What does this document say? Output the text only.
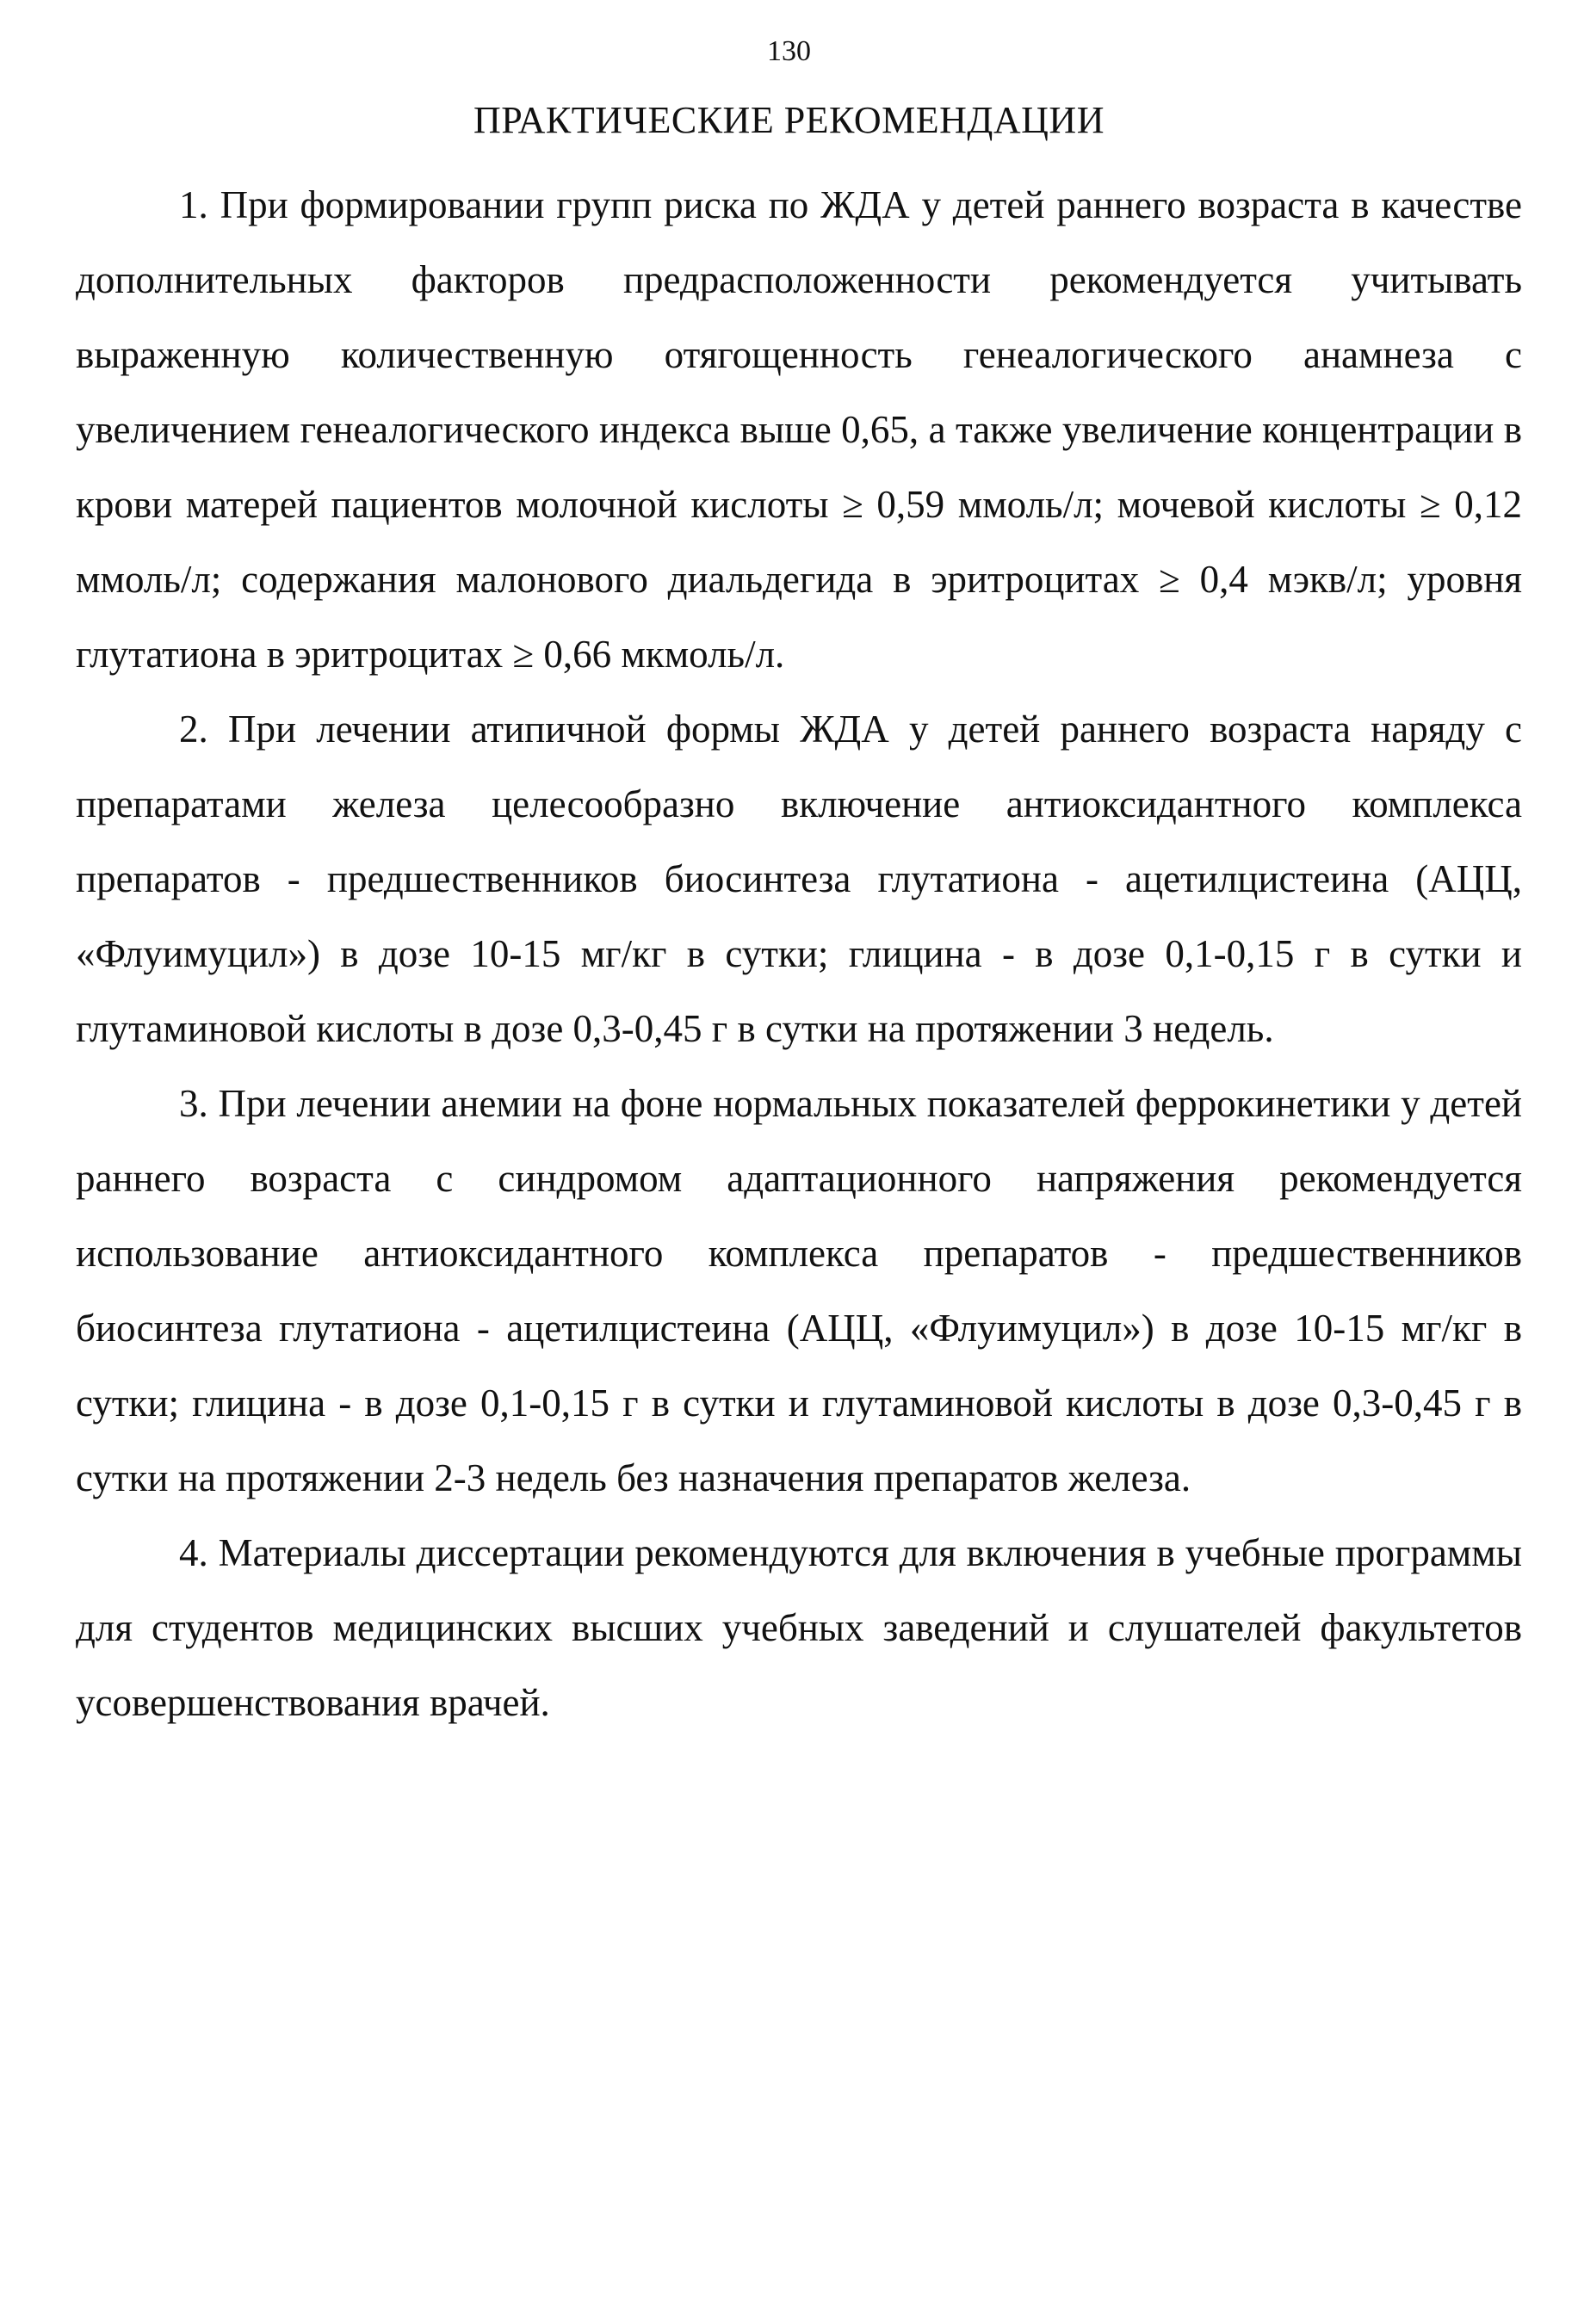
130
ПРАКТИЧЕСКИЕ РЕКОМЕНДАЦИИ

1. При формировании групп риска по ЖДА у детей раннего возраста в качестве дополнительных факторов предрасположенности рекомендуется учитывать выраженную количественную отягощенность генеалогического анамнеза с увеличением генеалогического индекса выше 0,65, а также увеличение концентрации в крови матерей пациентов молочной кислоты ≥ 0,59 ммоль/л; мочевой кислоты ≥ 0,12 ммоль/л; содержания малонового диальдегида в эритроцитах ≥ 0,4 мэкв/л; уровня глутатиона в эритроцитах ≥ 0,66 мкмоль/л.

2. При лечении атипичной формы ЖДА у детей раннего возраста наряду с препаратами железа целесообразно включение антиоксидантного комплекса препаратов - предшественников биосинтеза глутатиона - ацетилцистеина (АЦЦ, «Флуимуцил») в дозе 10-15 мг/кг в сутки; глицина - в дозе 0,1-0,15 г в сутки и глутаминовой кислоты в дозе 0,3-0,45 г в сутки на протяжении 3 недель.

3. При лечении анемии на фоне нормальных показателей феррокинетики у детей раннего возраста с синдромом адаптационного напряжения рекомендуется использование антиоксидантного комплекса препаратов - предшественников биосинтеза глутатиона - ацетилцистеина (АЦЦ, «Флуимуцил») в дозе 10-15 мг/кг в сутки; глицина - в дозе 0,1-0,15 г в сутки и глутаминовой кислоты в дозе 0,3-0,45 г в сутки на протяжении 2-3 недель без назначения препаратов железа.

4. Материалы диссертации рекомендуются для включения в учебные программы для студентов медицинских высших учебных заведений и слушателей факультетов усовершенствования врачей.
